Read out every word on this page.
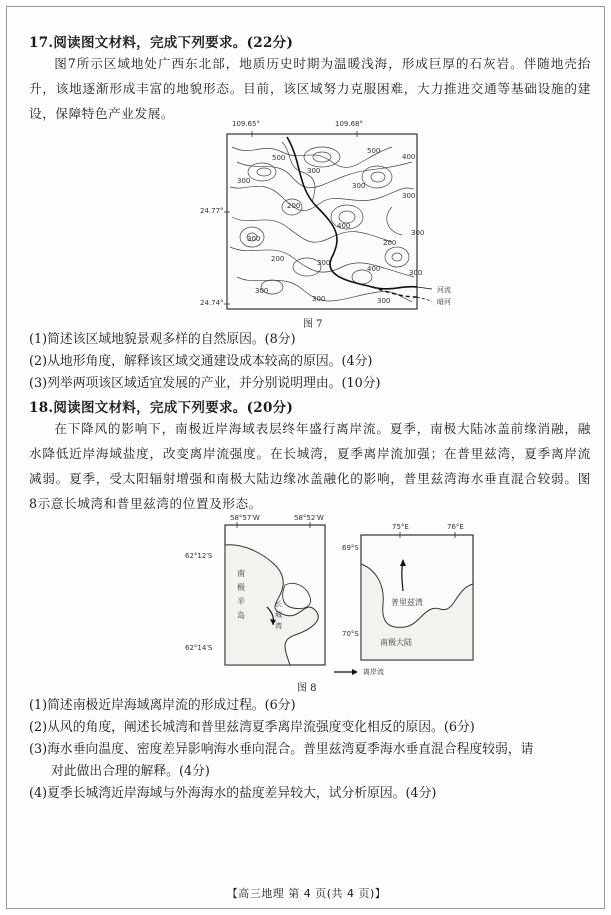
17.阅读图文材料，完成下列要求。(22分)
图7所示区域地处广西东北部，地质历史时期为温暖浅海，形成巨厚的石灰岩。伴随地壳抬升，该地逐渐形成丰富的地貌形态。目前，该区域努力克服困难，大力推进交通等基础设施的建设，保障特色产业发展。
109.65°	109.68°
24.77°
24.74°
河流
暗河
500
500
400
300
300
300
300
200
300
400
200
300
200	300
400	300
300
300	300
图 7
(1)简述该区域地貌景观多样的自然原因。(8分)
(2)从地形角度，解释该区域交通建设成本较高的原因。(4分)
(3)列举两项该区域适宜发展的产业，并分别说明理由。(10分)
18.阅读图文材料，完成下列要求。(20分)
在下降风的影响下，南极近岸海域表层终年盛行离岸流。夏季，南极大陆冰盖前缘消融，融水降低近岸海域盐度，改变离岸流强度。在长城湾，夏季离岸流加强；在普里兹湾，夏季离岸流减弱。夏季，受太阳辐射增强和南极大陆边缘冰盖融化的影响，普里兹湾海水垂直混合较弱。图8示意长城湾和普里兹湾的位置及形态。
58°57′W	58°52′W
62°12′S
62°14′S
南极半岛
长城湾
75°E	76°E
69°S
70°S
普里兹湾
南极大陆
离岸流
图 8
(1)简述南极近岸海域离岸流的形成过程。(6分)
(2)从风的角度，阐述长城湾和普里兹湾夏季离岸流强度变化相反的原因。(6分)
(3)海水垂向温度、密度差异影响海水垂向混合。普里兹湾夏季海水垂直混合程度较弱，请
对此做出合理的解释。(4分)
(4)夏季长城湾近岸海域与外海海水的盐度差异较大，试分析原因。(4分)
【高三地理 第 4 页(共 4 页)】
